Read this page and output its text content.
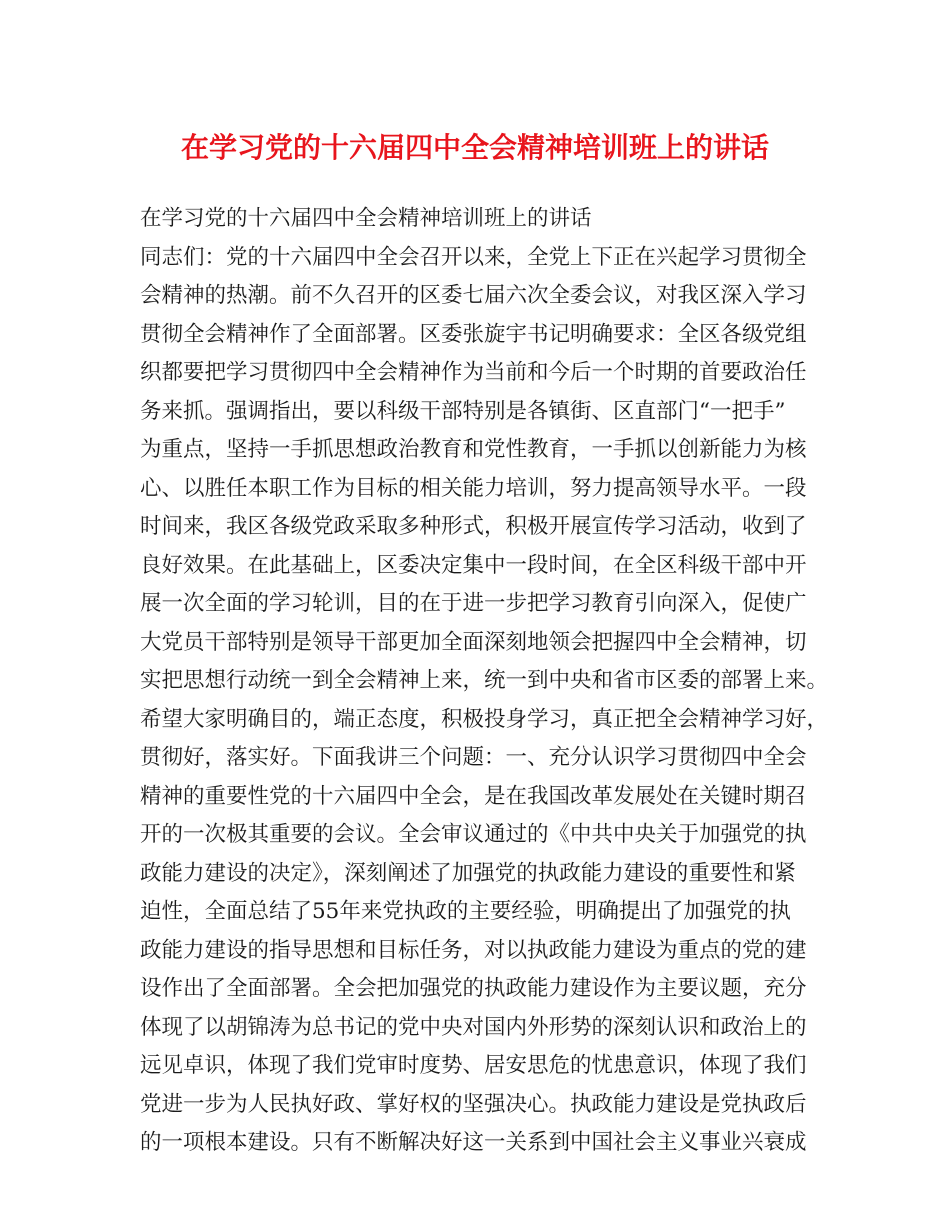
在学习党的十六届四中全会精神培训班上的讲话
在学习党的十六届四中全会精神培训班上的讲话
同志们：党的十六届四中全会召开以来，全党上下正在兴起学习贯彻全
会精神的热潮。前不久召开的区委七届六次全委会议，对我区深入学习
贯彻全会精神作了全面部署。区委张旋宇书记明确要求：全区各级党组
织都要把学习贯彻四中全会精神作为当前和今后一个时期的首要政治任
务来抓。强调指出，要以科级干部特别是各镇街、区直部门“一把手”
为重点，坚持一手抓思想政治教育和党性教育，一手抓以创新能力为核
心、以胜任本职工作为目标的相关能力培训，努力提高领导水平。一段
时间来，我区各级党政采取多种形式，积极开展宣传学习活动，收到了
良好效果。在此基础上，区委决定集中一段时间，在全区科级干部中开
展一次全面的学习轮训，目的在于进一步把学习教育引向深入，促使广
大党员干部特别是领导干部更加全面深刻地领会把握四中全会精神，切
实把思想行动统一到全会精神上来，统一到中央和省市区委的部署上来。
希望大家明确目的，端正态度，积极投身学习，真正把全会精神学习好，
贯彻好，落实好。下面我讲三个问题：一、充分认识学习贯彻四中全会
精神的重要性党的十六届四中全会，是在我国改革发展处在关键时期召
开的一次极其重要的会议。全会审议通过的《中共中央关于加强党的执
政能力建设的决定》，深刻阐述了加强党的执政能力建设的重要性和紧
迫性，全面总结了55年来党执政的主要经验，明确提出了加强党的执
政能力建设的指导思想和目标任务，对以执政能力建设为重点的党的建
设作出了全面部署。全会把加强党的执政能力建设作为主要议题，充分
体现了以胡锦涛为总书记的党中央对国内外形势的深刻认识和政治上的
远见卓识，体现了我们党审时度势、居安思危的忧患意识，体现了我们
党进一步为人民执好政、掌好权的坚强决心。执政能力建设是党执政后
的一项根本建设。只有不断解决好这一关系到中国社会主义事业兴衰成
